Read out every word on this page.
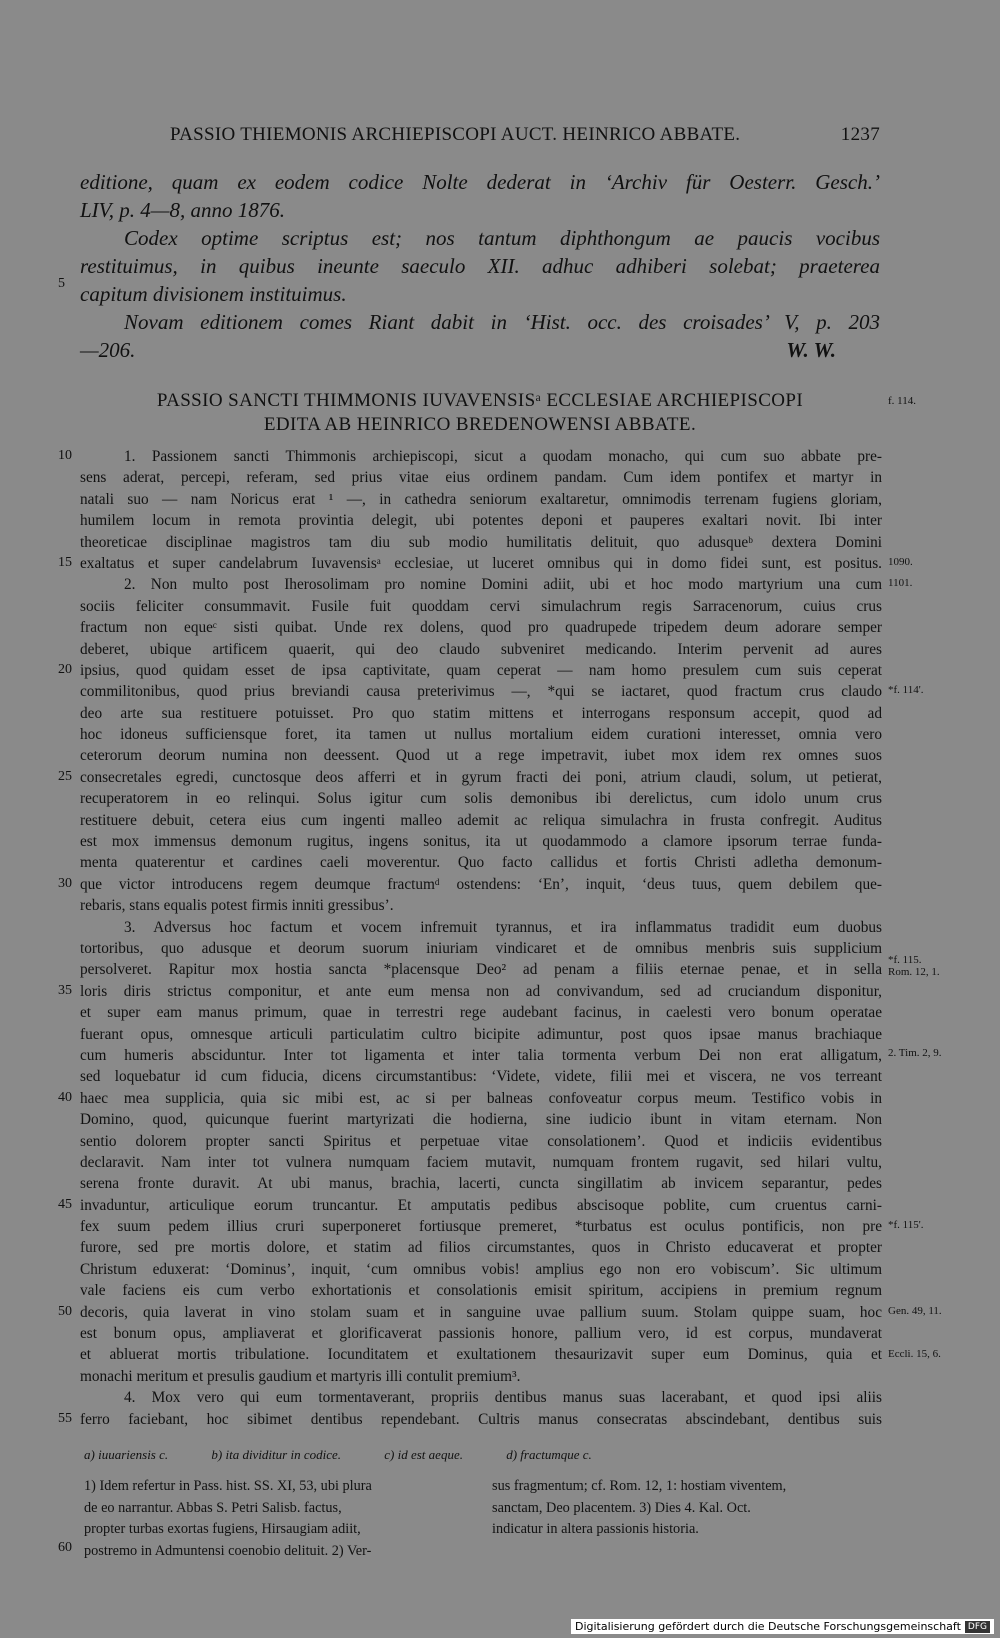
PASSIO THIEMONIS ARCHIEPISCOPI AUCT. HEINRICO ABBATE.	1237
editione, quam ex eodem codice Nolte dederat in ‘Archiv für Oesterr. Gesch.’
LIV, p. 4—8, anno 1876.
Codex optime scriptus est; nos tantum diphthongum ae paucis vocibus
restituimus, in quibus ineunte saeculo XII. adhuc adhiberi solebat; praeterea
capitum divisionem instituimus.
Novam editionem comes Riant dabit in ‘Hist. occ. des croisades’ V, p. 203
—206.	W. W.
5
PASSIO SANCTI THIMMONIS IUVAVENSISᵃ ECCLESIAE ARCHIEPISCOPI
EDITA AB HEINRICO BREDENOWENSI ABBATE.
1. Passionem sancti Thimmonis archiepiscopi, sicut a quodam monacho, qui cum suo abbate pre-
sens aderat, percepi, referam, sed prius vitae eius ordinem pandam. Cum idem pontifex et martyr in
natali suo — nam Noricus erat ¹ —, in cathedra seniorum exaltaretur, omnimodis terrenam fugiens gloriam,
humilem locum in remota provintia delegit, ubi potentes deponi et pauperes exaltari novit. Ibi inter
theoreticae disciplinae magistros tam diu sub modio humilitatis delituit, quo adusqueᵇ dextera Domini
exaltatus et super candelabrum Iuvavensisᵃ ecclesiae, ut luceret omnibus qui in domo fidei sunt, est positus.
2. Non multo post Iherosolimam pro nomine Domini adiit, ubi et hoc modo martyrium una cum
sociis feliciter consummavit. Fusile fuit quoddam cervi simulachrum regis Sarracenorum, cuius crus
fractum non equeᶜ sisti quibat. Unde rex dolens, quod pro quadrupede tripedem deum adorare semper
deberet, ubique artificem quaerit, qui deo claudo subveniret medicando. Interim pervenit ad aures
ipsius, quod quidam esset de ipsa captivitate, quam ceperat — nam homo presulem cum suis ceperat
commilitonibus, quod prius breviandi causa preterivimus —, *qui se iactaret, quod fractum crus claudo
deo arte sua restituere potuisset. Pro quo statim mittens et interrogans responsum accepit, quod ad
hoc idoneus sufficiensque foret, ita tamen ut nullus mortalium eidem curationi interesset, omnia vero
ceterorum deorum numina non deessent. Quod ut a rege impetravit, iubet mox idem rex omnes suos
consecretales egredi, cunctosque deos afferri et in gyrum fracti dei poni, atrium claudi, solum, ut petierat,
recuperatorem in eo relinqui. Solus igitur cum solis demonibus ibi derelictus, cum idolo unum crus
restituere debuit, cetera eius cum ingenti malleo ademit ac reliqua simulachra in frusta confregit. Auditus
est mox immensus demonum rugitus, ingens sonitus, ita ut quodammodo a clamore ipsorum terrae funda-
menta quaterentur et cardines caeli moverentur. Quo facto callidus et fortis Christi adletha demonum-
que victor introducens regem deumque fractumᵈ ostendens: ‘En’, inquit, ‘deus tuus, quem debilem que-
rebaris, stans equalis potest firmis inniti gressibus’.
3. Adversus hoc factum et vocem infremuit tyrannus, et ira inflammatus tradidit eum duobus
tortoribus, quo adusque et deorum suorum iniuriam vindicaret et de omnibus menbris suis supplicium
persolveret. Rapitur mox hostia sancta *placensque Deo² ad penam a filiis eternae penae, et in sella
loris diris strictus componitur, et ante eum mensa non ad convivandum, sed ad cruciandum disponitur,
et super eam manus primum, quae in terrestri rege audebant facinus, in caelesti vero bonum operatae
fuerant opus, omnesque articuli particulatim cultro bicipite adimuntur, post quos ipsae manus brachiaque
cum humeris absciduntur. Inter tot ligamenta et inter talia tormenta verbum Dei non erat alligatum,
sed loquebatur id cum fiducia, dicens circumstantibus: ‘Videte, videte, filii mei et viscera, ne vos terreant
haec mea supplicia, quia sic mibi est, ac si per balneas confoveatur corpus meum. Testifico vobis in
Domino, quod, quicunque fuerint martyrizati die hodierna, sine iudicio ibunt in vitam eternam. Non
sentio dolorem propter sancti Spiritus et perpetuae vitae consolationem’. Quod et indiciis evidentibus
declaravit. Nam inter tot vulnera numquam faciem mutavit, numquam frontem rugavit, sed hilari vultu,
serena fronte duravit. At ubi manus, brachia, lacerti, cuncta singillatim ab invicem separantur, pedes
invaduntur, articulique eorum truncantur. Et amputatis pedibus abscisoque poblite, cum cruentus carni-
fex suum pedem illius cruri superponeret fortiusque premeret, *turbatus est oculus pontificis, non pre
furore, sed pre mortis dolore, et statim ad filios circumstantes, quos in Christo educaverat et propter
Christum eduxerat: ‘Dominus’, inquit, ‘cum omnibus vobis! amplius ego non ero vobiscum’. Sic ultimum
vale faciens eis cum verbo exhortationis et consolationis emisit spiritum, accipiens in premium regnum
decoris, quia laverat in vino stolam suam et in sanguine uvae pallium suum. Stolam quippe suam, hoc
est bonum opus, ampliaverat et glorificaverat passionis honore, pallium vero, id est corpus, mundaverat
et abluerat mortis tribulatione. Iocunditatem et exultationem thesaurizavit super eum Dominus, quia et
monachi meritum et presulis gaudium et martyris illi contulit premium³.
4. Mox vero qui eum tormentaverant, propriis dentibus manus suas lacerabant, et quod ipsi aliis
ferro faciebant, hoc sibimet dentibus rependebant. Cultris manus consecratas abscindebant, dentibus suis
10
15
20
25
30
35
40
45
50
55
f. 114.
1090.
1101.
*f. 114'.
*f. 115.
Rom. 12, 1.
2. Tim. 2, 9.
*f. 115'.
Gen. 49, 11.
Eccli. 15, 6.
a) iuuariensis c.	b) ita dividitur in codice.	c) id est aeque.	d) fractumque c.
1) Idem refertur in Pass. hist. SS. XI, 53, ubi plura
de eo narrantur. Abbas S. Petri Salisb. factus,
propter turbas exortas fugiens, Hirsaugiam adiit,
postremo in Admuntensi coenobio delituit. 2) Ver-
sus fragmentum; cf. Rom. 12, 1: hostiam viventem,
sanctam, Deo placentem. 3) Dies 4. Kal. Oct.
indicatur in altera passionis historia.
60
Digitalisierung gefördert durch die Deutsche Forschungsgemeinschaft DFG
